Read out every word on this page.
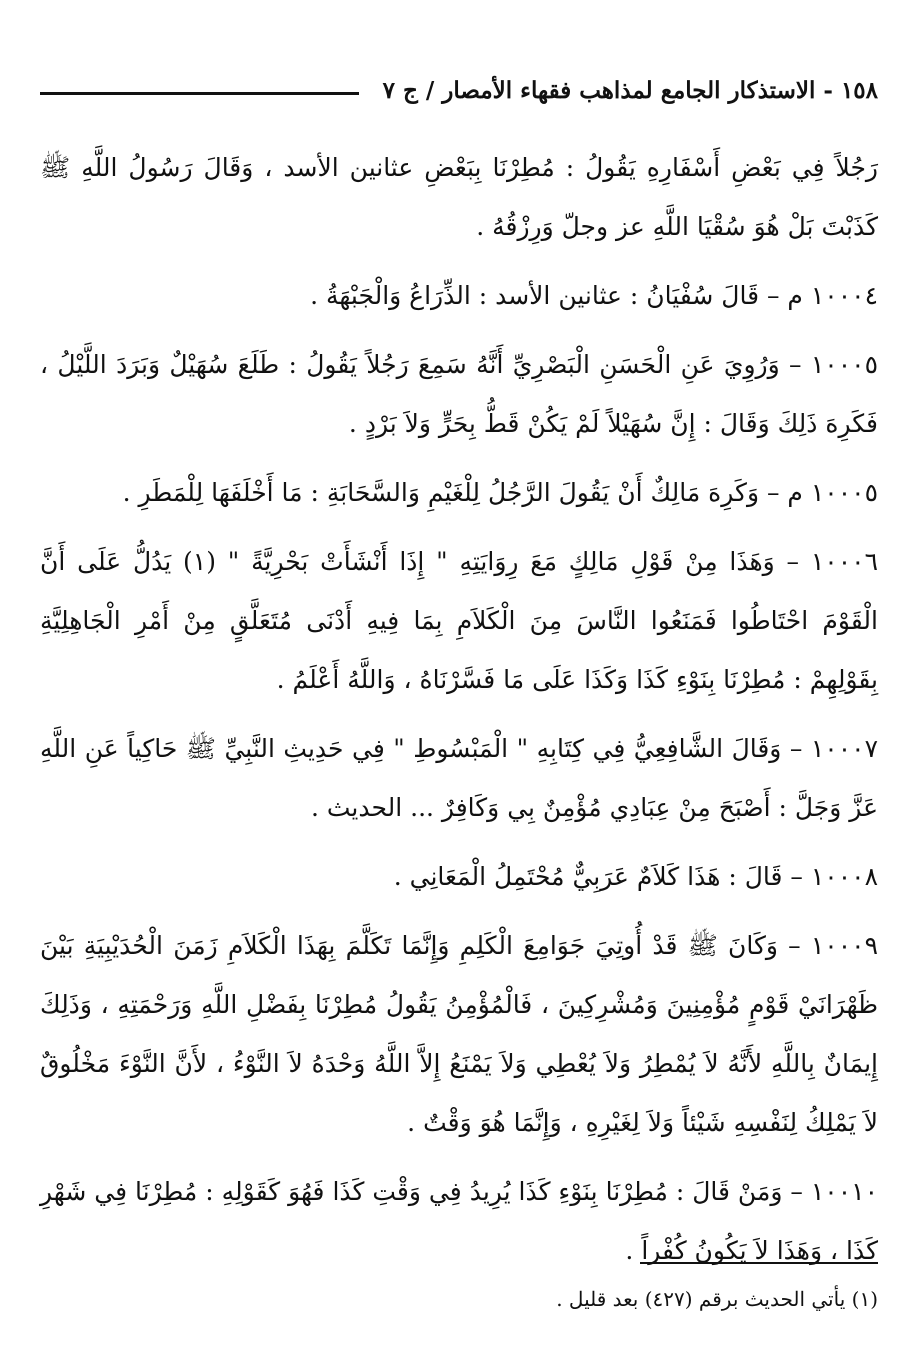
١٥٨ - الاستذكار الجامع لمذاهب فقهاء الأمصار / ج ٧

رَجُلاً فِي بَعْضِ أَسْفَارِهِ يَقُولُ : مُطِرْنَا بِبَعْضِ عثانين الأسد ، وَقَالَ رَسُولُ اللَّهِ ﷺ كَذَبْتَ بَلْ هُوَ سُقْيَا اللَّهِ عز وجلّ وَرِزْقُهُ .

١٠٠٠٤ م – قَالَ سُفْيَانُ : عثانين الأسد : الذِّرَاعُ وَالْجَبْهَةُ .

١٠٠٠٥ – وَرُوِيَ عَنِ الْحَسَنِ الْبَصْرِيِّ أَنَّهُ سَمِعَ رَجُلاً يَقُولُ : طَلَعَ سُهَيْلٌ وَبَرَدَ اللَّيْلُ ، فَكَرِهَ ذَلِكَ وَقَالَ : إِنَّ سُهَيْلاً لَمْ يَكُنْ قَطُّ بِحَرٍّ وَلاَ بَرْدٍ .

١٠٠٠٥ م – وَكَرِهَ مَالِكٌ أَنْ يَقُولَ الرَّجُلُ لِلْغَيْمِ وَالسَّحَابَةِ : مَا أَخْلَفَهَا لِلْمَطَرِ .

١٠٠٠٦ – وَهَذَا مِنْ قَوْلِ مَالِكٍ مَعَ رِوَايَتِهِ " إِذَا أَنْشَأَتْ بَحْرِيَّةً " (١) يَدُلُّ عَلَى أَنَّ الْقَوْمَ احْتَاطُوا فَمَنَعُوا النَّاسَ مِنَ الْكَلاَمِ بِمَا فِيهِ أَدْنَى مُتَعَلَّقٍ مِنْ أَمْرِ الْجَاهِلِيَّةِ بِقَوْلِهِمْ : مُطِرْنَا بِنَوْءِ كَذَا وَكَذَا عَلَى مَا فَسَّرْنَاهُ ، وَاللَّهُ أَعْلَمُ .

١٠٠٠٧ – وَقَالَ الشَّافِعِيُّ فِي كِتَابِهِ " الْمَبْسُوطِ " فِي حَدِيثِ النَّبِيِّ ﷺ حَاكِياً عَنِ اللَّهِ عَزَّ وَجَلَّ : أَصْبَحَ مِنْ عِبَادِي مُؤْمِنٌ بِي وَكَافِرٌ ... الحديث .

١٠٠٠٨ – قَالَ : هَذَا كَلاَمٌ عَرَبِيٌّ مُحْتَمِلُ الْمَعَانِي .

١٠٠٠٩ – وَكَانَ ﷺ قَدْ أُوتِيَ جَوَامِعَ الْكَلِمِ وَإِنَّمَا تَكَلَّمَ بِهَذَا الْكَلاَمِ زَمَنَ الْحُدَيْبِيَةِ بَيْنَ ظَهْرَانَيْ قَوْمٍ مُؤْمِنِينَ وَمُشْرِكِينَ ، فَالْمُؤْمِنُ يَقُولُ مُطِرْنَا بِفَضْلِ اللَّهِ وَرَحْمَتِهِ ، وَذَلِكَ إِيمَانٌ بِاللَّهِ لأَنَّهُ لاَ يُمْطِرُ وَلاَ يُعْطِي وَلاَ يَمْنَعُ إِلاَّ اللَّهُ وَحْدَهُ لاَ النَّوْءُ ، لأَنَّ النَّوْءَ مَخْلُوقٌ لاَ يَمْلِكُ لِنَفْسِهِ شَيْئاً وَلاَ لِغَيْرِهِ ، وَإِنَّمَا هُوَ وَقْتٌ .

١٠٠١٠ – وَمَنْ قَالَ : مُطِرْنَا بِنَوْءِ كَذَا يُرِيدُ فِي وَقْتِ كَذَا فَهُوَ كَقَوْلِهِ : مُطِرْنَا فِي شَهْرِ كَذَا ، وَهَذَا لاَ يَكُونُ كُفْراً .

(١) يأتي الحديث برقم (٤٢٧) بعد قليل .
